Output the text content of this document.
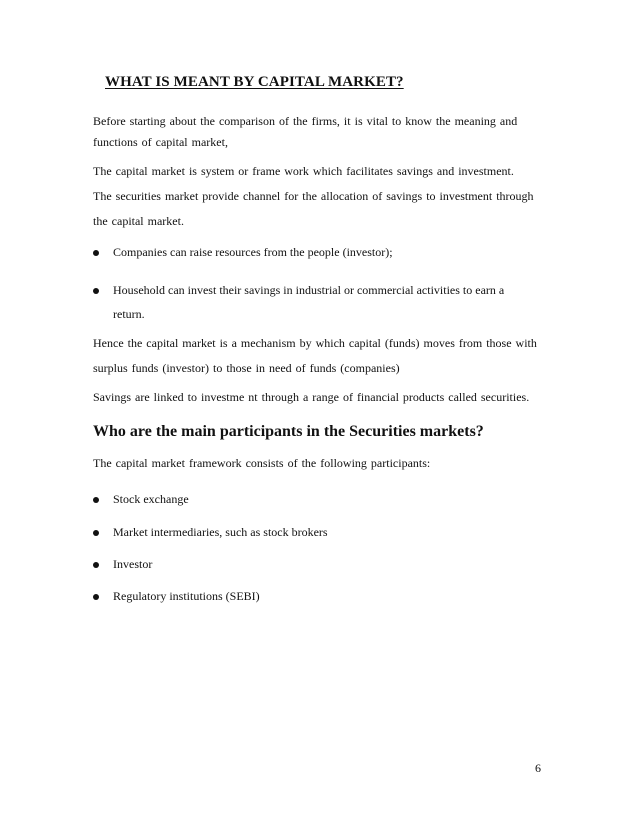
WHAT IS MEANT BY CAPITAL MARKET?
Before starting about the comparison of the firms, it is vital to know the meaning and
functions of capital market,
The capital market is system or frame work which facilitates savings and investment.
The securities market provide channel for the allocation of savings to investment through
the capital market.
Companies can raise resources from the people (investor);
Household can invest their savings in industrial or commercial activities to earn a
return.
Hence the capital market is a mechanism by which capital (funds) moves from those with
surplus funds (investor) to those in need of funds (companies)
Savings are linked to investme nt through a range of financial products called securities.
Who are the main participants in the Securities markets?
The capital market framework consists of the following participants:
Stock exchange
Market intermediaries, such as stock brokers
Investor
Regulatory institutions (SEBI)
6
